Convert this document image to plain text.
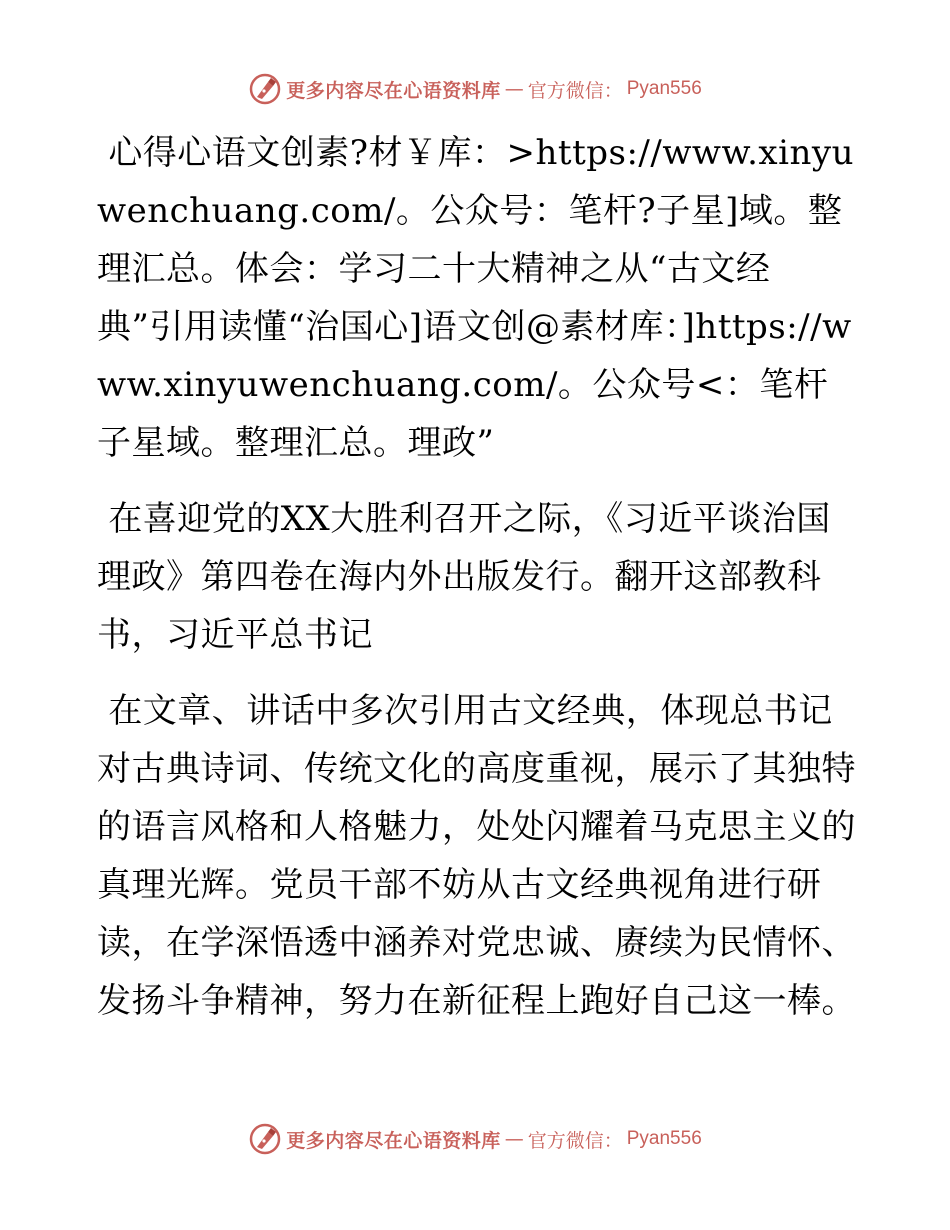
更多内容尽在心语资料库 — 官方微信： Pyan556

心得心语文创素?材￥库：>https://www.xinyuwenchuang.com/。公众号：笔杆?子星]域。整理汇总。体会：学习二十大精神之从“古文经典”引用读懂“治国心]语文创@素材库：]https://www.xinyuwenchuang.com/。公众号<：笔杆子星域。整理汇总。理政”

在喜迎党的XX大胜利召开之际，《习近平谈治国理政》第四卷在海内外出版发行。翻开这部教科书，习近平总书记

在文章、讲话中多次引用古文经典，体现总书记对古典诗词、传统文化的高度重视，展示了其独特的语言风格和人格魅力，处处闪耀着马克思主义的真理光辉。党员干部不妨从古文经典视角进行研读，在学深悟透中涵养对党忠诚、赓续为民情怀、发扬斗争精神，努力在新征程上跑好自己这一棒。

更多内容尽在心语资料库 — 官方微信： Pyan556
